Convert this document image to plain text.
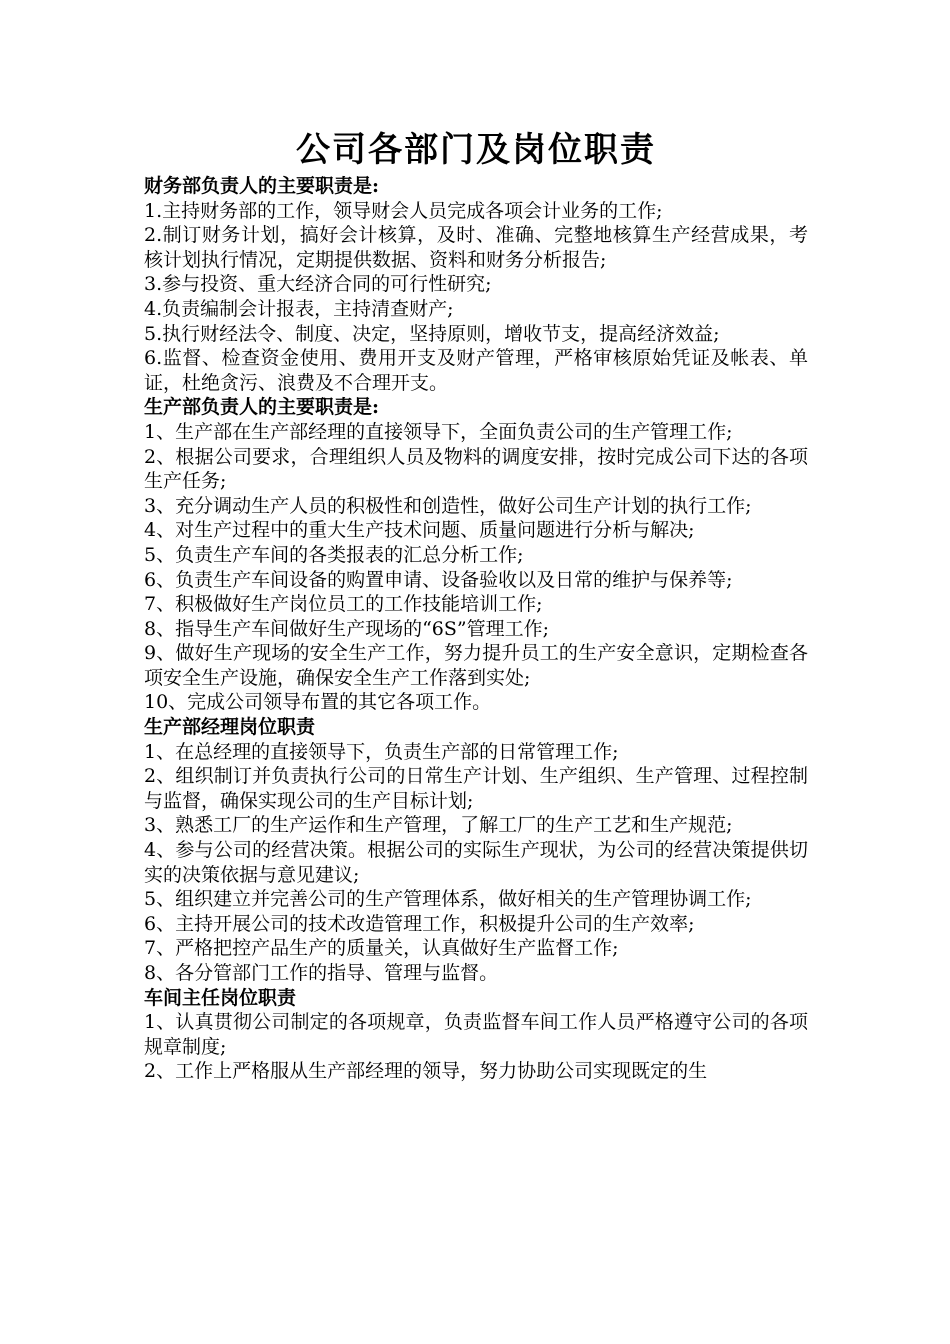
公司各部门及岗位职责

财务部负责人的主要职责是:

1.主持财务部的工作，领导财会人员完成各项会计业务的工作;

2.制订财务计划，搞好会计核算，及时、准确、完整地核算生产经营成果，考核计划执行情况，定期提供数据、资料和财务分析报告;

3.参与投资、重大经济合同的可行性研究;

4.负责编制会计报表，主持清查财产;

5.执行财经法令、制度、决定，坚持原则，增收节支，提高经济效益;

6.监督、检查资金使用、费用开支及财产管理，严格审核原始凭证及帐表、单证，杜绝贪污、浪费及不合理开支。

生产部负责人的主要职责是:

1、生产部在生产部经理的直接领导下，全面负责公司的生产管理工作;

2、根据公司要求，合理组织人员及物料的调度安排，按时完成公司下达的各项生产任务;

3、充分调动生产人员的积极性和创造性，做好公司生产计划的执行工作;

4、对生产过程中的重大生产技术问题、质量问题进行分析与解决;

5、负责生产车间的各类报表的汇总分析工作;

6、负责生产车间设备的购置申请、设备验收以及日常的维护与保养等;

7、积极做好生产岗位员工的工作技能培训工作;

8、指导生产车间做好生产现场的“6S”管理工作;

9、做好生产现场的安全生产工作，努力提升员工的生产安全意识，定期检查各项安全生产设施，确保安全生产工作落到实处;

10、完成公司领导布置的其它各项工作。

生产部经理岗位职责

1、在总经理的直接领导下，负责生产部的日常管理工作;

2、组织制订并负责执行公司的日常生产计划、生产组织、生产管理、过程控制与监督，确保实现公司的生产目标计划;

3、熟悉工厂的生产运作和生产管理，了解工厂的生产工艺和生产规范;

4、参与公司的经营决策。根据公司的实际生产现状，为公司的经营决策提供切实的决策依据与意见建议;

5、组织建立并完善公司的生产管理体系，做好相关的生产管理协调工作;

6、主持开展公司的技术改造管理工作，积极提升公司的生产效率;

7、严格把控产品生产的质量关，认真做好生产监督工作;

8、各分管部门工作的指导、管理与监督。

车间主任岗位职责

1、认真贯彻公司制定的各项规章，负责监督车间工作人员严格遵守公司的各项规章制度;

2、工作上严格服从生产部经理的领导，努力协助公司实现既定的生
